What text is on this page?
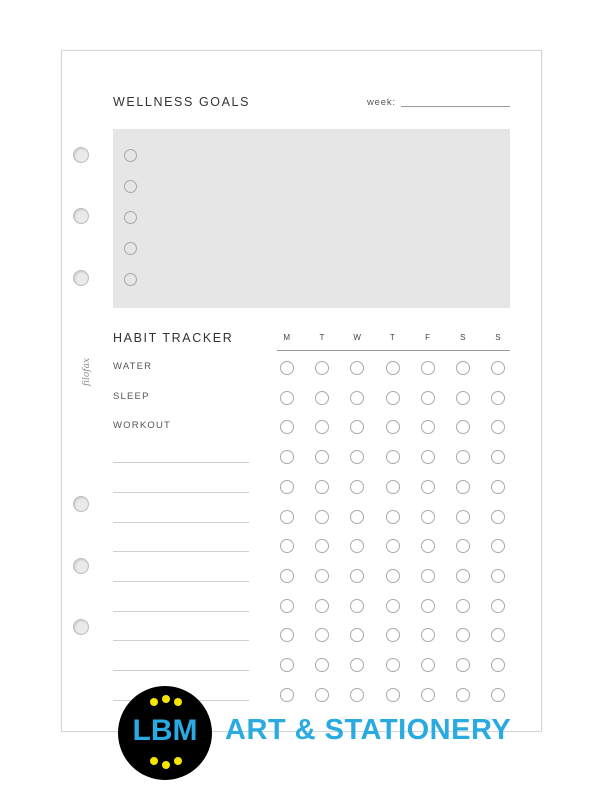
WELLNESS GOALS	week:
filofax
HABIT TRACKER	M	T	W	T	F	S	S
WATER
SLEEP
WORKOUT
LBM ART & STATIONERY
